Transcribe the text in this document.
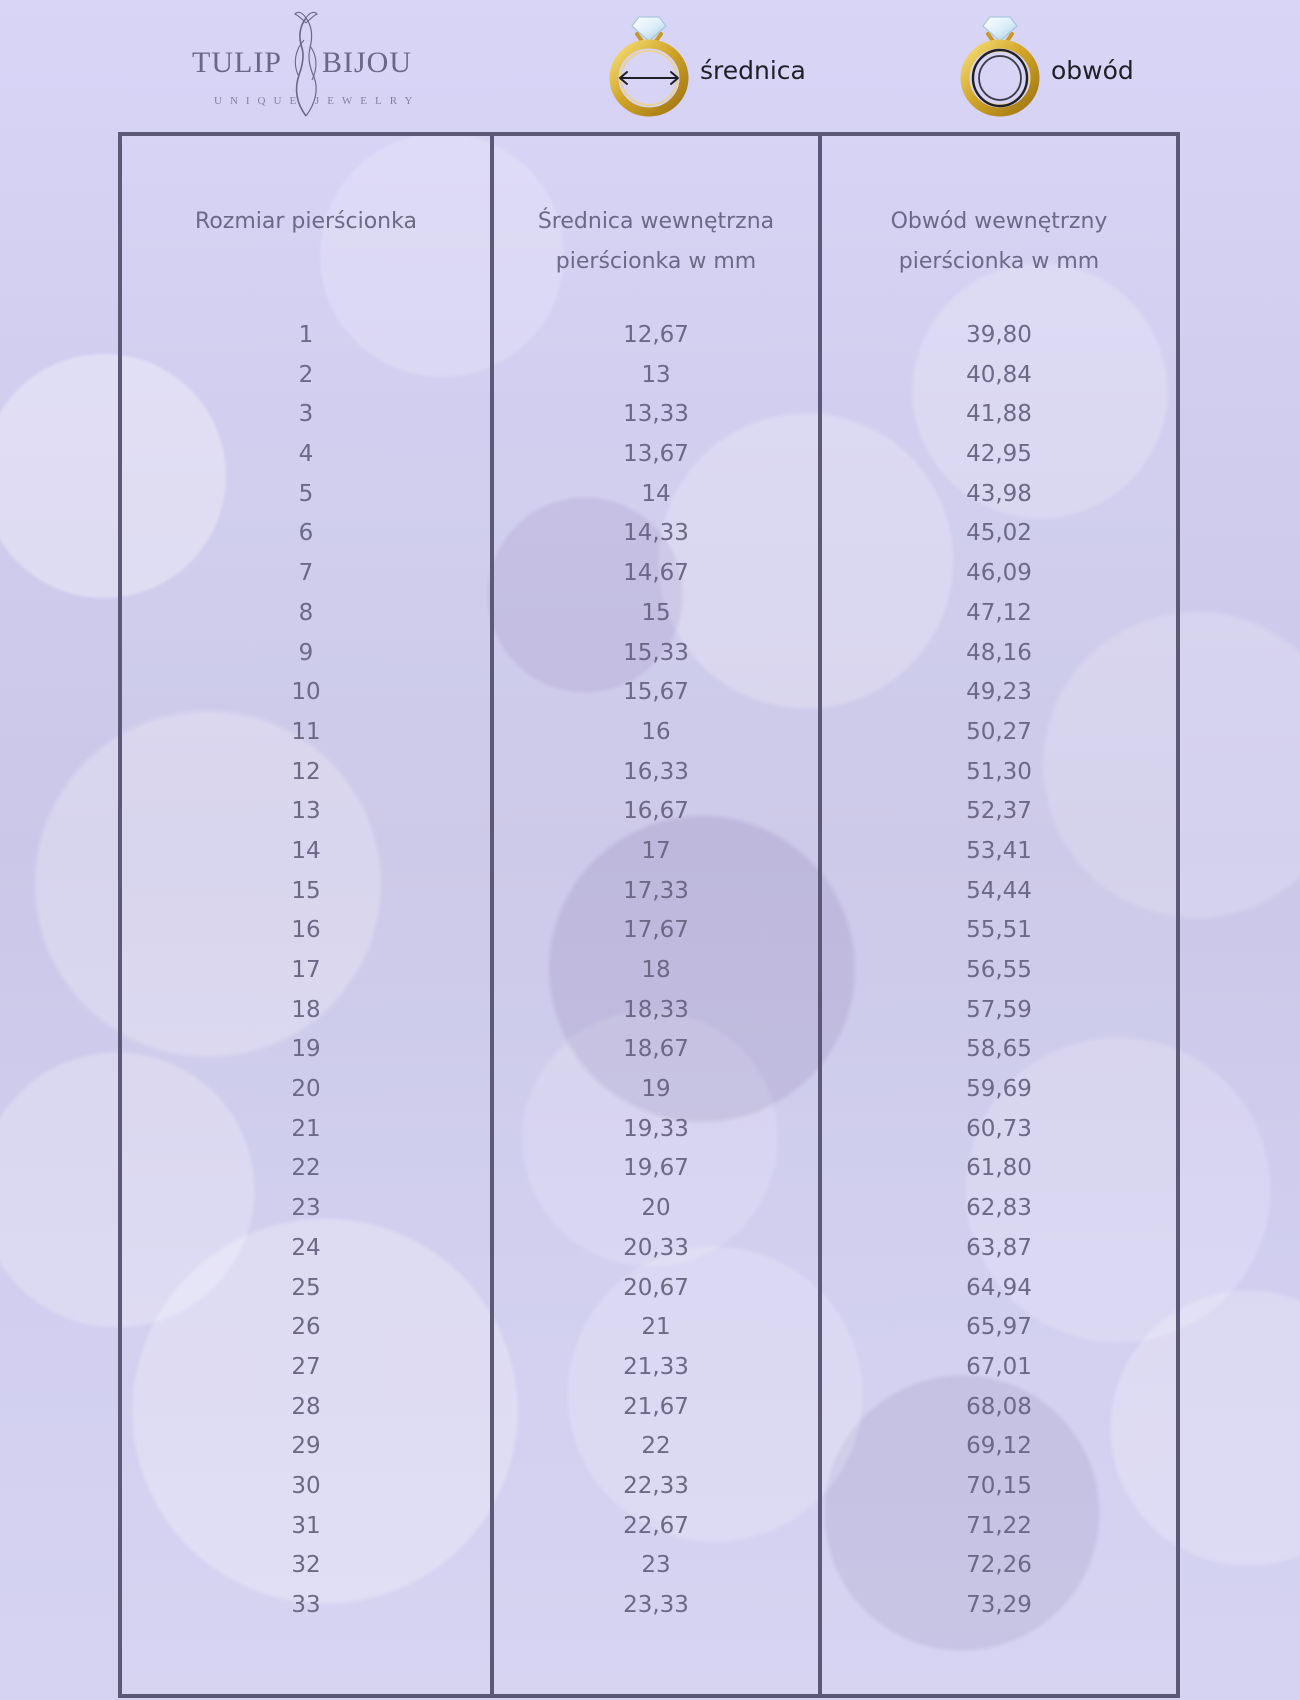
TULIP BIJOU
UNIQUE JEWELRY
średnica	obwód
Rozmiar pierścionka
1
2
3
4
5
6
7
8
9
10
11
12
13
14
15
16
17
18
19
20
21
22
23
24
25
26
27
28
29
30
31
32
33
Średnica wewnętrzna
pierścionka w mm
12,67
13
13,33
13,67
14
14,33
14,67
15
15,33
15,67
16
16,33
16,67
17
17,33
17,67
18
18,33
18,67
19
19,33
19,67
20
20,33
20,67
21
21,33
21,67
22
22,33
22,67
23
23,33
Obwód wewnętrzny
pierścionka w mm
39,80
40,84
41,88
42,95
43,98
45,02
46,09
47,12
48,16
49,23
50,27
51,30
52,37
53,41
54,44
55,51
56,55
57,59
58,65
59,69
60,73
61,80
62,83
63,87
64,94
65,97
67,01
68,08
69,12
70,15
71,22
72,26
73,29
